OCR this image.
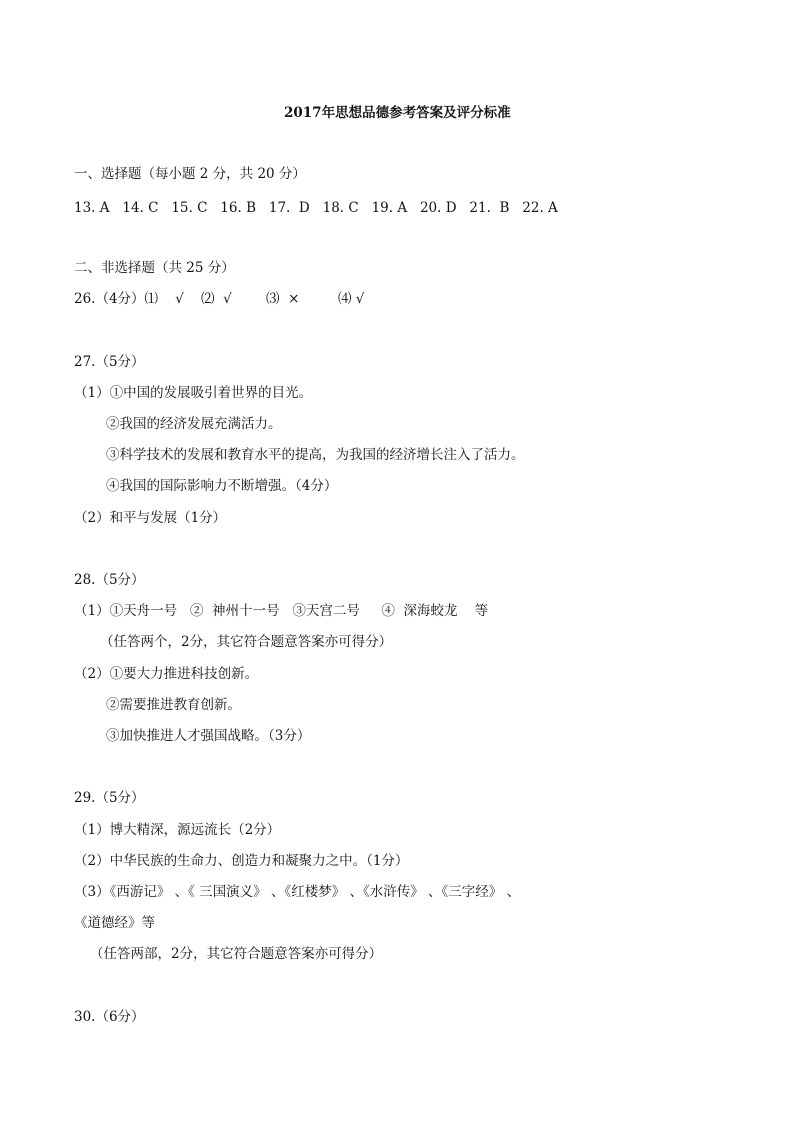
2017年思想品德参考答案及评分标准
一、选择题（每小题 2 分，共 20 分）
13. A   14. C   15. C   16. B   17.  D   18. C   19. A   20. D   21.  B   22. A
二、非选择题（共 25 分）
26.（4分）⑴    √    ⑵  √        ⑶  ×         ⑷ √
27.（5分）
（1）①中国的发展吸引着世界的目光。
②我国的经济发展充满活力。
③科学技术的发展和教育水平的提高，为我国的经济增长注入了活力。
④我国的国际影响力不断增强。（4分）
（2）和平与发展（1分）
28.（5分）
（1）①天舟一号   ②  神州十一号   ③天宫二号     ④  深海蛟龙    等
（任答两个，2分，其它符合题意答案亦可得分）
（2）①要大力推进科技创新。
②需要推进教育创新。
③加快推进人才强国战略。（3分）
29.（5分）
（1）博大精深，源远流长（2分）
（2）中华民族的生命力、创造力和凝聚力之中。（1分）
（3）《西游记》 、《 三国演义》 、《红楼梦》 、《水浒传》 、《三字经》 、
《道德经》等
（任答两部，2分，其它符合题意答案亦可得分）
30.（6分）
